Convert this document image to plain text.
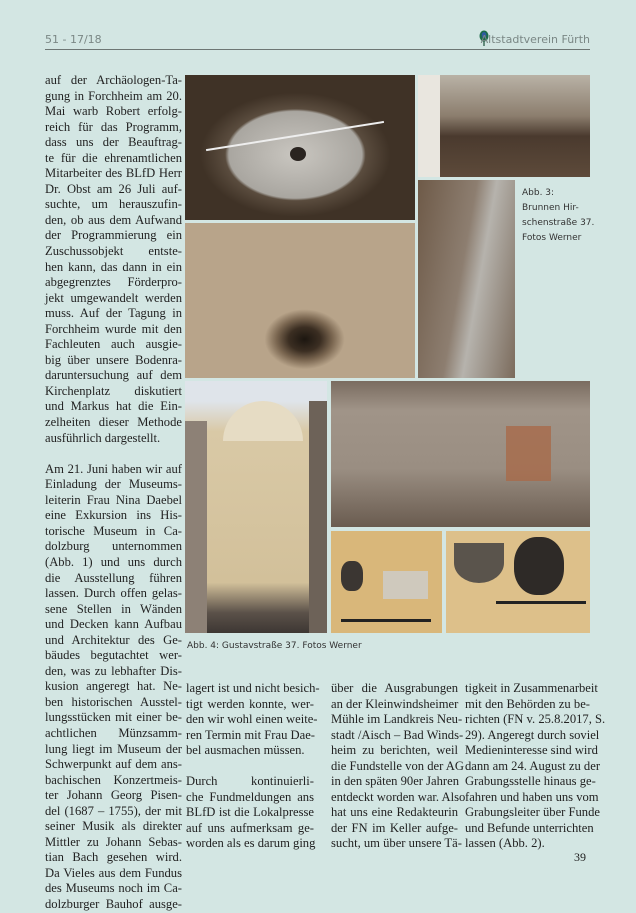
51 - 17/18	Altstadtverein Fürth
auf der Archäologen-Ta-
gung in Forchheim am 20.
Mai warb Robert erfolg-
reich für das Programm,
dass uns der Beauftrag-
te für die ehrenamtlichen
Mitarbeiter des BLfD Herr
Dr. Obst am 26 Juli auf-
suchte, um herauszufin-
den, ob aus dem Aufwand
der Programmierung ein
Zuschussobjekt entste-
hen kann, das dann in ein
abgegrenztes Förderpro-
jekt umgewandelt werden
muss. Auf der Tagung in
Forchheim wurde mit den
Fachleuten auch ausgie-
big über unsere Bodenra-
daruntersuchung auf dem
Kirchenplatz diskutiert
und Markus hat die Ein-
zelheiten dieser Methode
ausführlich dargestellt.
Am 21. Juni haben wir auf
Einladung der Museums-
leiterin Frau Nina Daebel
eine Exkursion ins His-
torische Museum in Ca-
dolzburg unternommen
(Abb. 1) und uns durch
die Ausstellung führen
lassen. Durch offen gelas-
sene Stellen in Wänden
und Decken kann Aufbau
und Architektur des Ge-
bäudes begutachtet wer-
den, was zu lebhafter Dis-
kusion angeregt hat. Ne-
ben historischen Ausstel-
lungsstücken mit einer be-
achtlichen Münzsamm-
lung liegt im Museum der
Schwerpunkt auf dem ans-
bachischen Konzertmeis-
ter Johann Georg Pisen-
del (1687 – 1755), der mit
seiner Musik als direkter
Mittler zu Johann Sebas-
tian Bach gesehen wird.
Da Vieles aus dem Fundus
des Museums noch im Ca-
dolzburger Bauhof ausge-
lagert ist und nicht besich-
tigt werden konnte, wer-
den wir wohl einen weite-
ren Termin mit Frau Dae-
bel ausmachen müssen.
Durch kontinuierli-
che Fundmeldungen ans
BLfD ist die Lokalpresse
auf uns aufmerksam ge-
worden als es darum ging
über die Ausgrabungen
an der Kleinwindsheimer
Mühle im Landkreis Neu-
stadt /Aisch – Bad Winds-
heim zu berichten, weil
die Fundstelle von der AG
in den späten 90er Jahren
entdeckt worden war. Also
hat uns eine Redakteurin
der FN im Keller aufge-
sucht, um über unsere Tä-
tigkeit in Zusammenarbeit
mit den Behörden zu be-
richten (FN v. 25.8.2017, S.
29). Angeregt durch soviel
Medieninteresse sind wird
dann am 24. August zu der
Grabungsstelle hinaus ge-
fahren und haben uns vom
Grabungsleiter über Funde
und Befunde unterrichten
lassen (Abb. 2).
Abb. 3:
Brunnen Hir-
schenstraße 37.
Fotos Werner
Abb. 4: Gustavstraße 37. Fotos Werner
39
